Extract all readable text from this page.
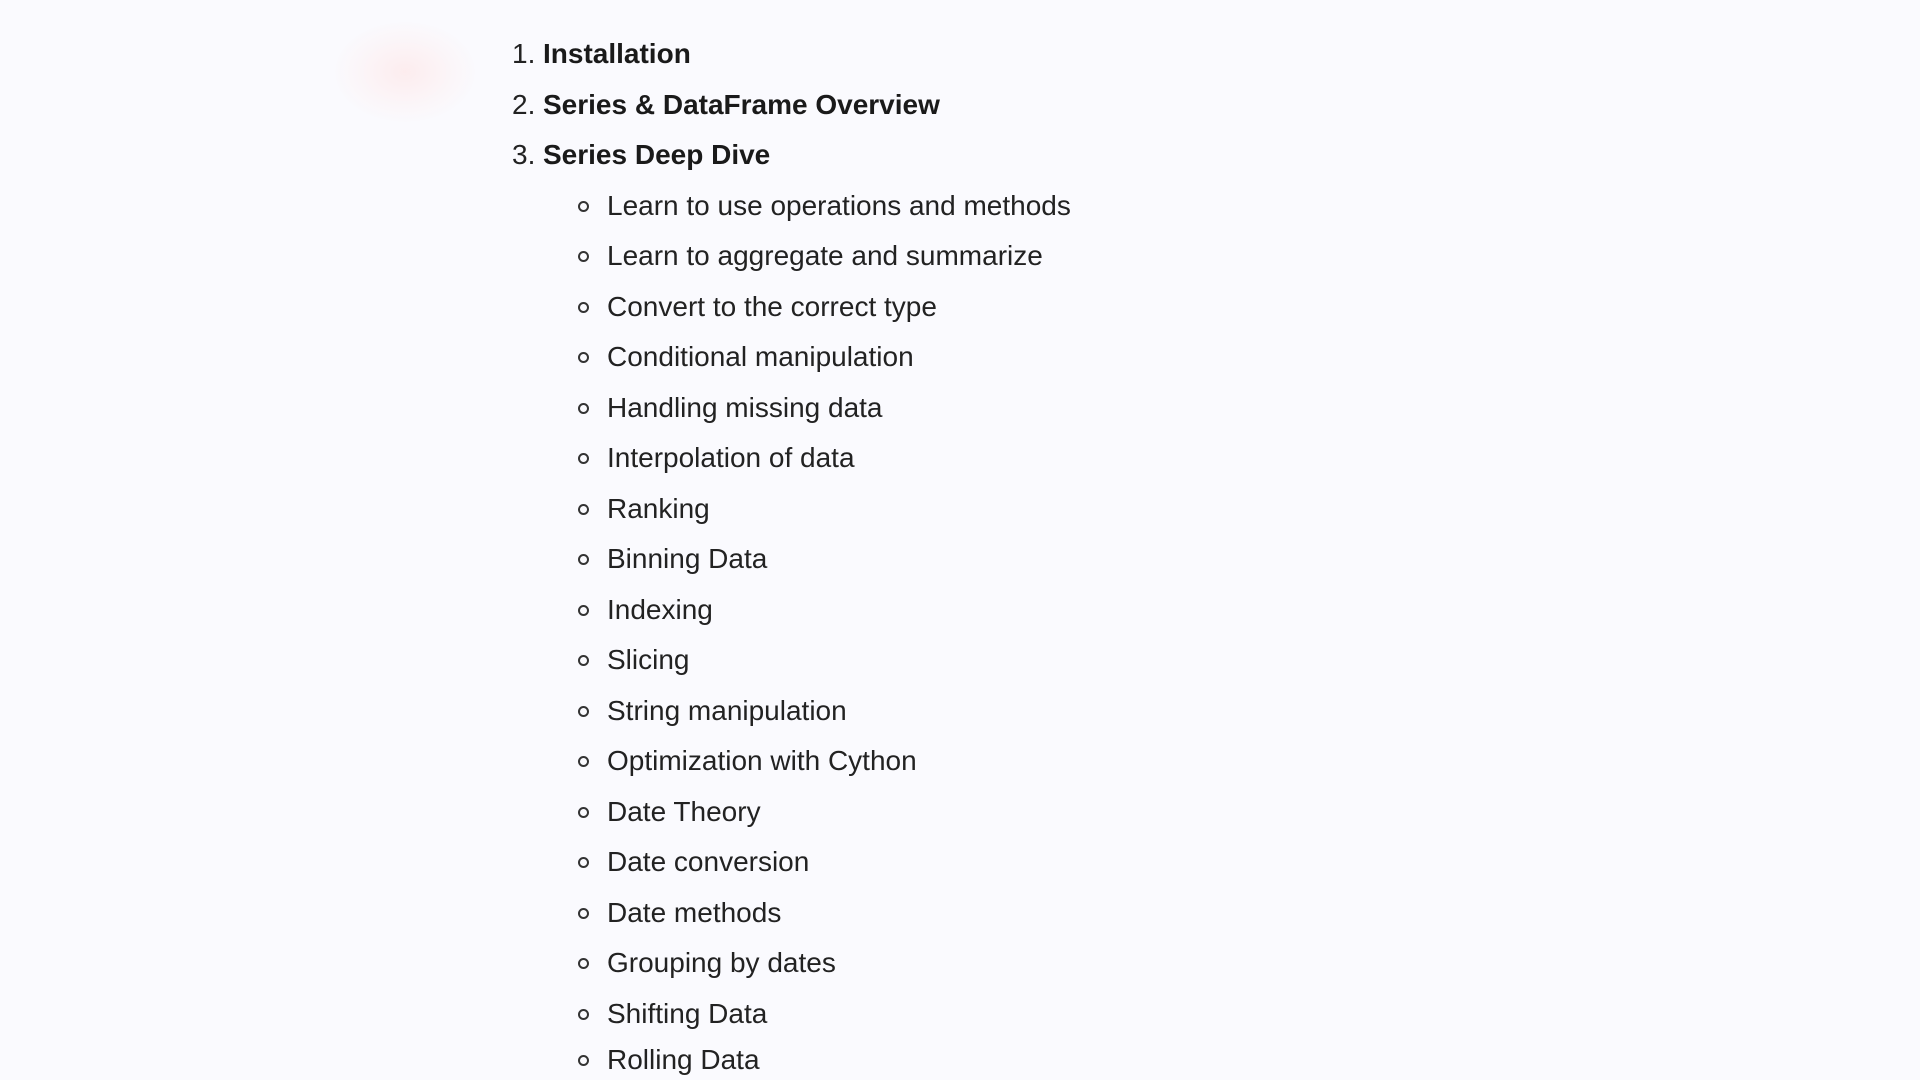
1. Installation
2. Series & DataFrame Overview
3. Series Deep Dive
Learn to use operations and methods
Learn to aggregate and summarize
Convert to the correct type
Conditional manipulation
Handling missing data
Interpolation of data
Ranking
Binning Data
Indexing
Slicing
String manipulation
Optimization with Cython
Date Theory
Date conversion
Date methods
Grouping by dates
Shifting Data
Rolling Data
